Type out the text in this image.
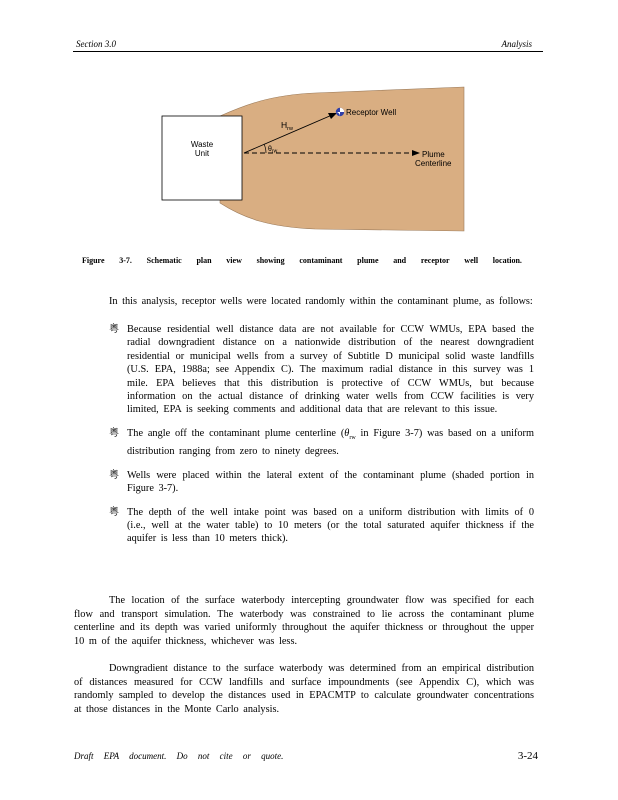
Section 3.0	Analysis
Waste
Unit
$H_{rw}$
$\theta_{rw}$
Receptor Well
Plume
Centerline
Figure 3-7. Schematic plan view showing contaminant plume and receptor well location.

In this analysis, receptor wells were located randomly within the contaminant plume, as follows:

粵 Because residential well distance data are not available for CCW WMUs, EPA based the radial downgradient distance on a nationwide distribution of the nearest downgradient residential or municipal wells from a survey of Subtitle D municipal solid waste landfills (U.S. EPA, 1988a; see Appendix C). The maximum radial distance in this survey was 1 mile. EPA believes that this distribution is protective of CCW WMUs, but because information on the actual distance of drinking water wells from CCW facilities is very limited, EPA is seeking comments and additional data that are relevant to this issue.
粵 The angle off the contaminant plume centerline ($\theta_{rw}$ in Figure 3-7) was based on a uniform distribution ranging from zero to ninety degrees.
粵 Wells were placed within the lateral extent of the contaminant plume (shaded portion in Figure 3-7).
粵 The depth of the well intake point was based on a uniform distribution with limits of 0 (i.e., well at the water table) to 10 meters (or the total saturated aquifer thickness if the aquifer is less than 10 meters thick).

The location of the surface waterbody intercepting groundwater flow was specified for each flow and transport simulation. The waterbody was constrained to lie across the contaminant plume centerline and its depth was varied uniformly throughout the aquifer thickness or throughout the upper 10 m of the aquifer thickness, whichever was less.

Downgradient distance to the surface waterbody was determined from an empirical distribution of distances measured for CCW landfills and surface impoundments (see Appendix C), which was randomly sampled to develop the distances used in EPACMTP to calculate groundwater concentrations at those distances in the Monte Carlo analysis.

Draft EPA document. Do not cite or quote.	3-24
